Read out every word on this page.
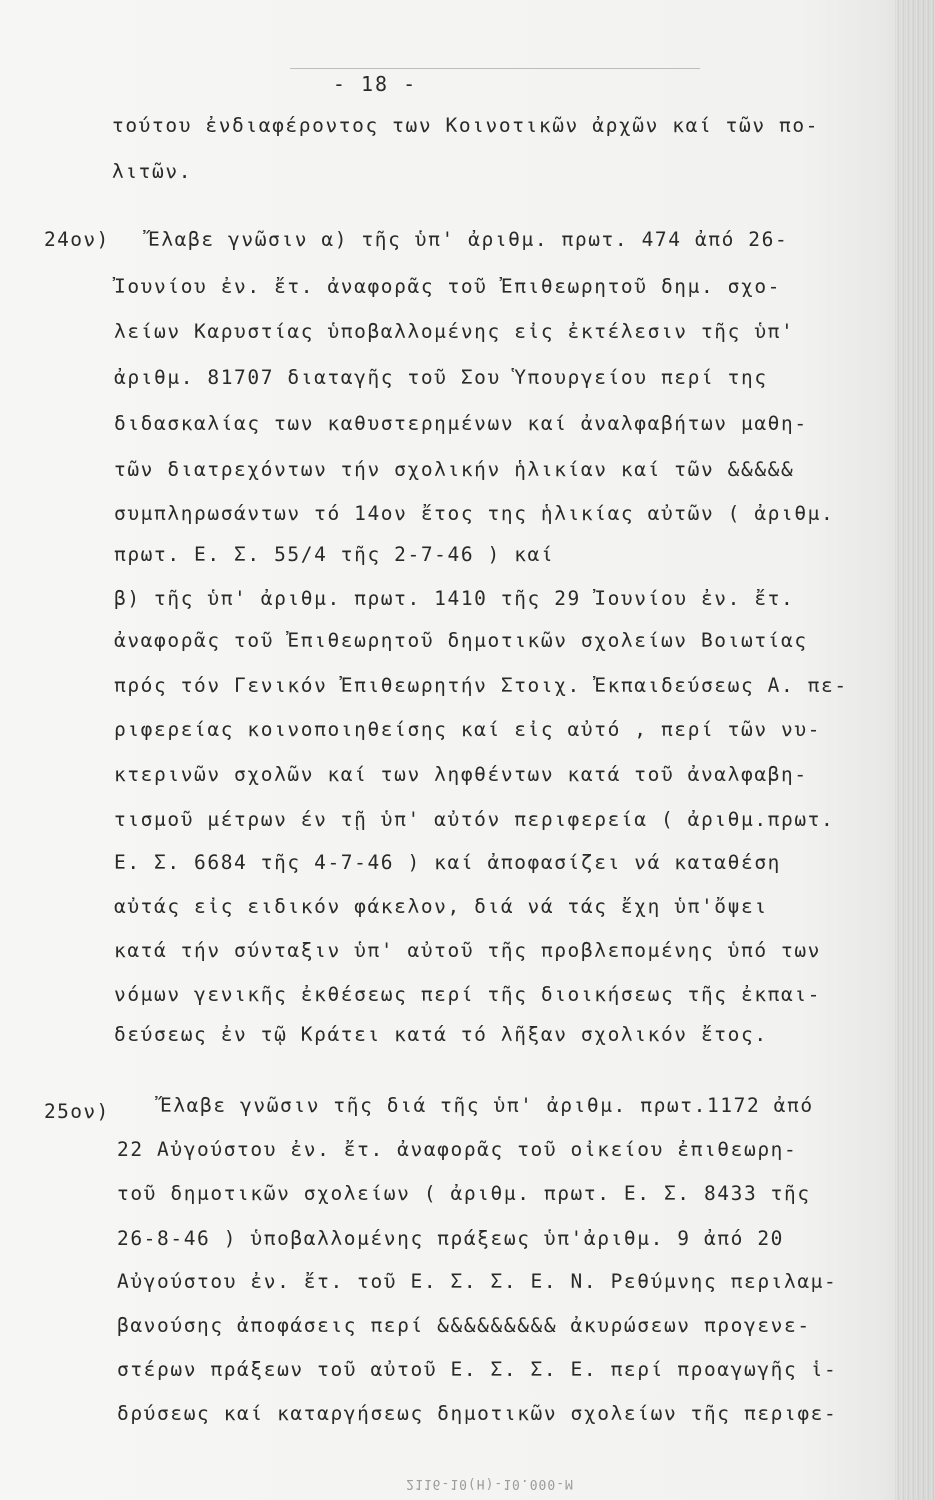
- 18 -
τούτου ἐνδιαφέροντος των Κοινοτικῶν ἀρχῶν καί τῶν πο-
λιτῶν.
24ον) Ἔλαβε γνῶσιν α) τῆς ὑπ' ἀριθμ. πρωτ. 474 ἀπό 26-
Ἰουνίου ἐν. ἔτ. ἀναφορᾶς τοῦ Ἐπιθεωρητοῦ δημ. σχο-
λείων Καρυστίας ὑποβαλλομένης εἰς ἐκτέλεσιν τῆς ὑπ'
ἀριθμ. 81707 διαταγῆς τοῦ Σου Ὑπουργείου περί της
διδασκαλίας των καθυστερημένων καί ἀναλφαβήτων μαθη-
τῶν διατρεχόντων τήν σχολικήν ἡλικίαν καί τῶν &&&&&
συμπληρωσάντων τό 14ον ἔτος της ἡλικίας αὐτῶν ( ἀριθμ.
πρωτ. Ε. Σ. 55/4 τῆς 2-7-46 ) καί
β) τῆς ὑπ' ἀριθμ. πρωτ. 1410 τῆς 29 Ἰουνίου ἐν. ἔτ.
ἀναφορᾶς τοῦ Ἐπιθεωρητοῦ δημοτικῶν σχολείων Βοιωτίας
πρός τόν Γενικόν Ἐπιθεωρητήν Στοιχ. Ἐκπαιδεύσεως Α. πε-
ριφερείας κοινοποιηθείσης καί εἰς αὐτό , περί τῶν νυ-
κτερινῶν σχολῶν καί των ληφθέντων κατά τοῦ ἀναλφαβη-
τισμοῦ μέτρων έν τῇ ὑπ' αὐτόν περιφερεία ( ἀριθμ.πρωτ.
Ε. Σ. 6684 τῆς 4-7-46 ) καί ἀποφασίζει νά καταθέση
αὐτάς εἰς ειδικόν φάκελον, διά νά τάς ἔχη ὑπ'ὄψει
κατά τήν σύνταξιν ὑπ' αὐτοῦ τῆς προβλεπομένης ὑπό των
νόμων γενικῆς ἐκθέσεως περί τῆς διοικήσεως τῆς ἐκπαι-
δεύσεως ἐν τῷ Κράτει κατά τό λῆξαν σχολικόν ἔτος.
25ον)	Ἔλαβε γνῶσιν τῆς διά τῆς ὑπ' ἀριθμ. πρωτ.1172 ἀπό
22 Αὐγούστου ἐν. ἔτ. ἀναφορᾶς τοῦ οἰκείου ἐπιθεωρη-
τοῦ δημοτικῶν σχολείων ( ἀριθμ. πρωτ. Ε. Σ. 8433 τῆς
26-8-46 ) ὑποβαλλομένης πράξεως ὑπ'ἀριθμ. 9 ἀπό 20
Αὐγούστου ἐν. ἔτ. τοῦ Ε. Σ. Σ. Ε. Ν. Ρεθύμνης περιλαμ-
βανούσης ἀποφάσεις περί &&&&&&&&& ἀκυρώσεων προγενε-
στέρων πράξεων τοῦ αὐτοῦ Ε. Σ. Σ. Ε. περί προαγωγῆς ἱ-
δρύσεως καί καταργήσεως δημοτικῶν σχολείων τῆς περιφε-
2116-10(Η)-10.000-Μ
